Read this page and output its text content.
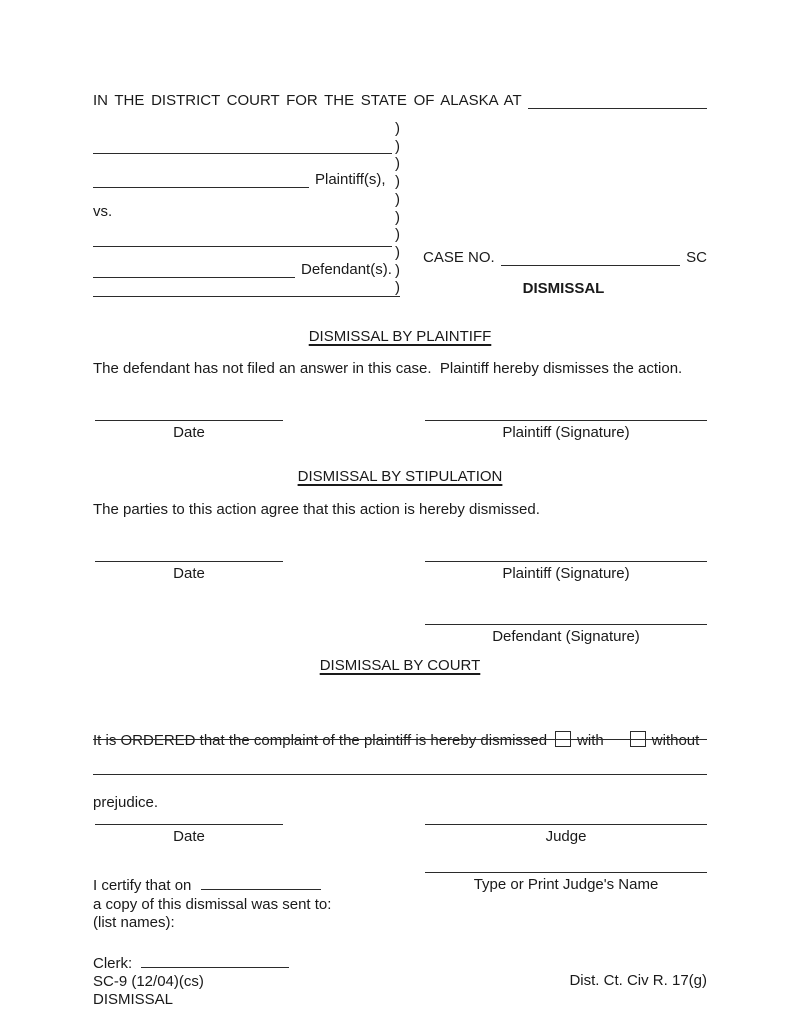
IN THE DISTRICT COURT FOR THE STATE OF ALASKA AT
Plaintiff(s),
vs.
Defendant(s).
)
)
)
)
)
)
)
)
)
)
CASE NO.	SC
DISMISSAL
DISMISSAL BY PLAINTIFF
The defendant has not filed an answer in this case.  Plaintiff hereby dismisses the action.
Date	Plaintiff (Signature)
DISMISSAL BY STIPULATION
The parties to this action agree that this action is hereby dismissed.
Date	Plaintiff (Signature)
Defendant (Signature)
DISMISSAL BY COURT

It is ORDERED that the complaint of the plaintiff is hereby dismissed with	without

prejudice.

Date	Judge
Type or Print Judge's Name
I certify that on
a copy of this dismissal was sent to:
(list names):
Clerk:
SC-9 (12/04)(cs)
DISMISSAL
Dist. Ct. Civ R. 17(g)
